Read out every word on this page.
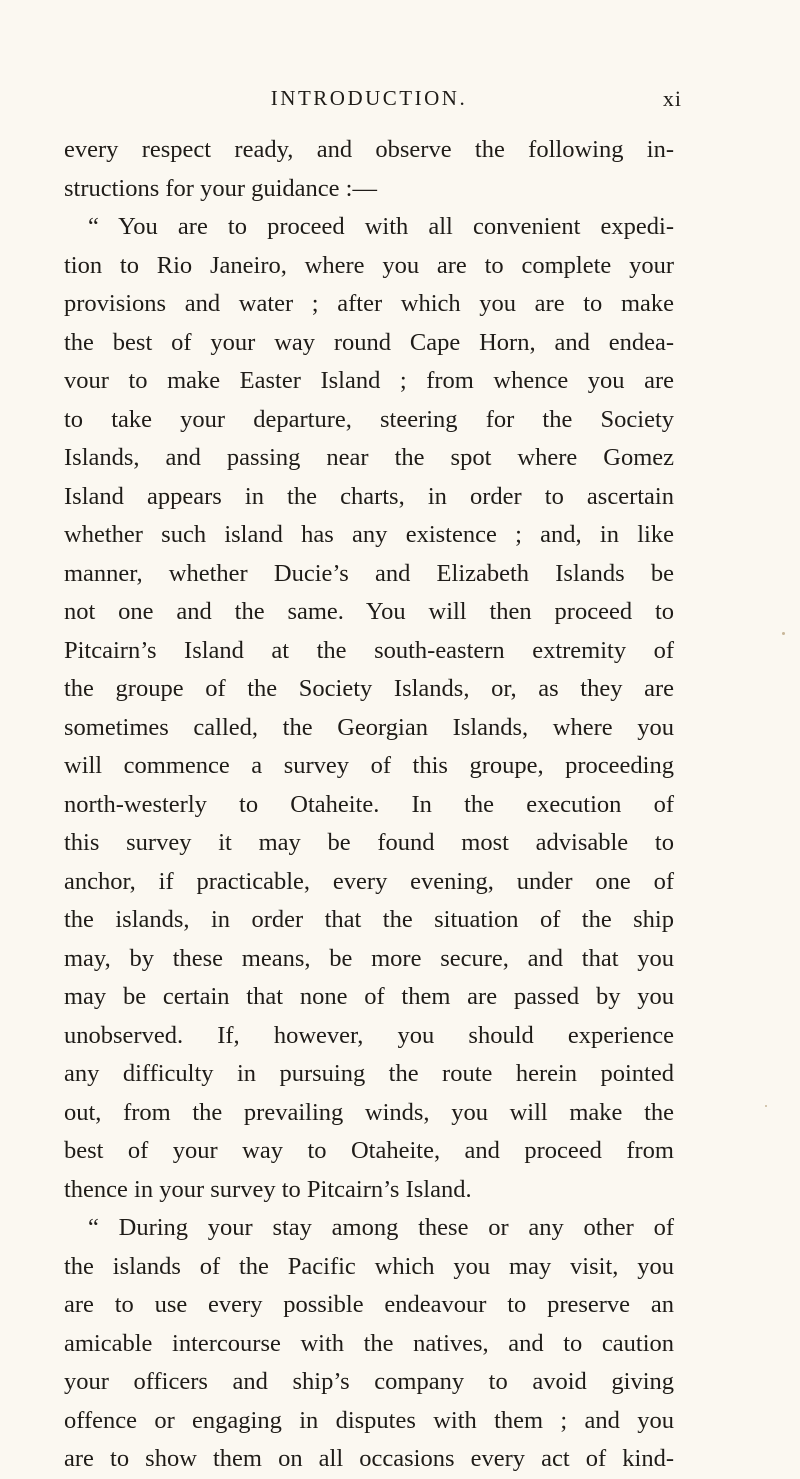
INTRODUCTION.	xi
every respect ready, and observe the following in-
structions for your guidance :—
“ You are to proceed with all convenient expedi-
tion to Rio Janeiro, where you are to complete your
provisions and water ; after which you are to make
the best of your way round Cape Horn, and endea-
vour to make Easter Island ; from whence you are
to take your departure, steering for the Society
Islands, and passing near the spot where Gomez
Island appears in the charts, in order to ascertain
whether such island has any existence ; and, in like
manner, whether Ducie’s and Elizabeth Islands be
not one and the same. You will then proceed to
Pitcairn’s Island at the south-eastern extremity of
the groupe of the Society Islands, or, as they are
sometimes called, the Georgian Islands, where you
will commence a survey of this groupe, proceeding
north-westerly to Otaheite. In the execution of
this survey it may be found most advisable to
anchor, if practicable, every evening, under one of
the islands, in order that the situation of the ship
may, by these means, be more secure, and that you
may be certain that none of them are passed by you
unobserved. If, however, you should experience
any difficulty in pursuing the route herein pointed
out, from the prevailing winds, you will make the
best of your way to Otaheite, and proceed from
thence in your survey to Pitcairn’s Island.
“ During your stay among these or any other of
the islands of the Pacific which you may visit, you
are to use every possible endeavour to preserve an
amicable intercourse with the natives, and to caution
your officers and ship’s company to avoid giving
offence or engaging in disputes with them ; and you
are to show them on all occasions every act of kind-
